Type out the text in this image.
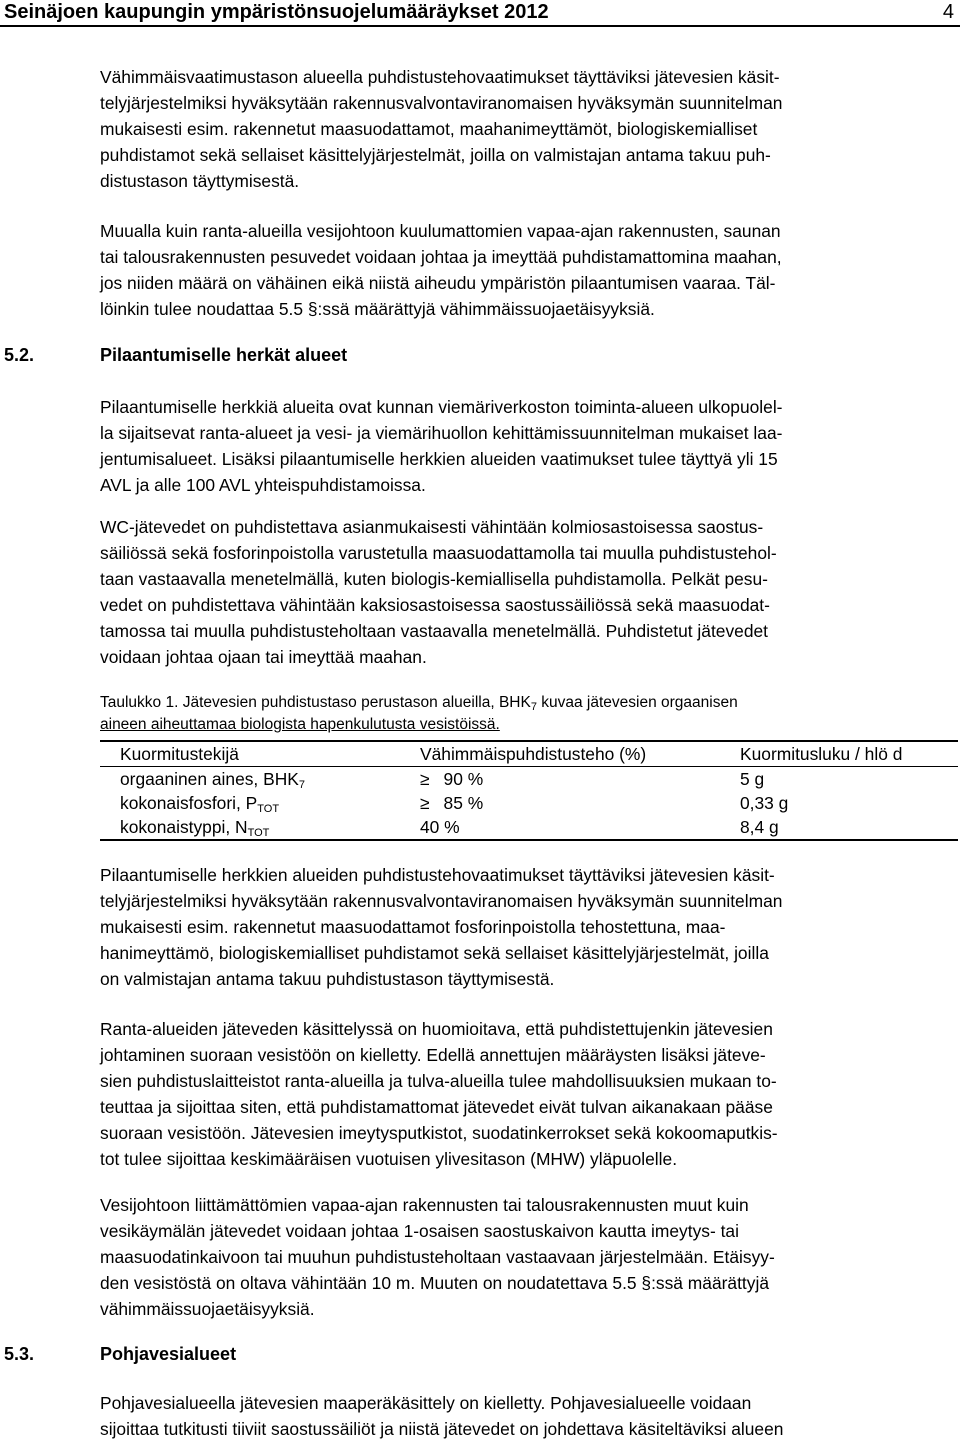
Seinäjoen kaupungin ympäristönsuojelumääräykset 2012	4
Vähimmäisvaatimustason alueella puhdistustehovaatimukset täyttäviksi jätevesien käsit-
telyjärjestelmiksi hyväksytään rakennusvalvontaviranomaisen hyväksymän suunnitelman
mukaisesti esim. rakennetut maasuodattamot, maahanimeyttämöt, biologiskemialliset
puhdistamot sekä sellaiset käsittelyjärjestelmät, joilla on valmistajan antama takuu puh-
distustason täyttymisestä.
Muualla kuin ranta-alueilla vesijohtoon kuulumattomien vapaa-ajan rakennusten, saunan
tai talousrakennusten pesuvedet voidaan johtaa ja imeyttää puhdistamattomina maahan,
jos niiden määrä on vähäinen eikä niistä aiheudu ympäristön pilaantumisen vaaraa. Täl-
löinkin tulee noudattaa 5.5 §:ssä määrättyjä vähimmäissuojaetäisyyksiä.
5.2.	Pilaantumiselle herkät alueet
Pilaantumiselle herkkiä alueita ovat kunnan viemäriverkoston toiminta-alueen ulkopuolel-
la sijaitsevat ranta-alueet ja vesi- ja viemärihuollon kehittämissuunnitelman mukaiset laa-
jentumisalueet. Lisäksi pilaantumiselle herkkien alueiden vaatimukset tulee täyttyä yli 15
AVL ja alle 100 AVL yhteispuhdistamoissa.
WC-jätevedet on puhdistettava asianmukaisesti vähintään kolmiosastoisessa saostus-
säiliössä sekä fosforinpoistolla varustetulla maasuodattamolla tai muulla puhdistustehol-
taan vastaavalla menetelmällä, kuten biologis-kemiallisella puhdistamolla. Pelkät pesu-
vedet on puhdistettava vähintään kaksiosastoisessa saostussäiliössä sekä maasuodat-
tamossa tai muulla puhdistusteholtaan vastaavalla menetelmällä. Puhdistetut jätevedet
voidaan johtaa ojaan tai imeyttää maahan.
Taulukko 1. Jätevesien puhdistustaso perustason alueilla, $BHK_7$ kuvaa jätevesien orgaanisen
aineen aiheuttamaa biologista hapenkulutusta vesistöissä.
Kuormitustekijä	Vähimmäispuhdistusteho (%)	Kuormitusluku / hlö d
orgaaninen aines, $BHK_7$	≥ 90 %	5 g
kokonaisfosfori, $P_{TOT}$	≥ 85 %	0,33 g
kokonaistyppi, $N_{TOT}$	40 %	8,4 g
Pilaantumiselle herkkien alueiden puhdistustehovaatimukset täyttäviksi jätevesien käsit-
telyjärjestelmiksi hyväksytään rakennusvalvontaviranomaisen hyväksymän suunnitelman
mukaisesti esim. rakennetut maasuodattamot fosforinpoistolla tehostettuna, maa-
hanimeyttämö, biologiskemialliset puhdistamot sekä sellaiset käsittelyjärjestelmät, joilla
on valmistajan antama takuu puhdistustason täyttymisestä.
Ranta-alueiden jäteveden käsittelyssä on huomioitava, että puhdistettujenkin jätevesien
johtaminen suoraan vesistöön on kielletty. Edellä annettujen määräysten lisäksi jäteve-
sien puhdistuslaitteistot ranta-alueilla ja tulva-alueilla tulee mahdollisuuksien mukaan to-
teuttaa ja sijoittaa siten, että puhdistamattomat jätevedet eivät tulvan aikanakaan pääse
suoraan vesistöön. Jätevesien imeytysputkistot, suodatinkerrokset sekä kokoomaputkis-
tot tulee sijoittaa keskimääräisen vuotuisen ylivesitason (MHW) yläpuolelle.
Vesijohtoon liittämättömien vapaa-ajan rakennusten tai talousrakennusten muut kuin
vesikäymälän jätevedet voidaan johtaa 1-osaisen saostuskaivon kautta imeytys- tai
maasuodatinkaivoon tai muuhun puhdistusteholtaan vastaavaan järjestelmään. Etäisyy-
den vesistöstä on oltava vähintään 10 m. Muuten on noudatettava 5.5 §:ssä määrättyjä
vähimmäissuojaetäisyyksiä.
5.3.	Pohjavesialueet
Pohjavesialueella jätevesien maaperäkäsittely on kielletty. Pohjavesialueelle voidaan
sijoittaa tutkitusti tiiviit saostussäiliöt ja niistä jätevedet on johdettava käsiteltäviksi alueen
